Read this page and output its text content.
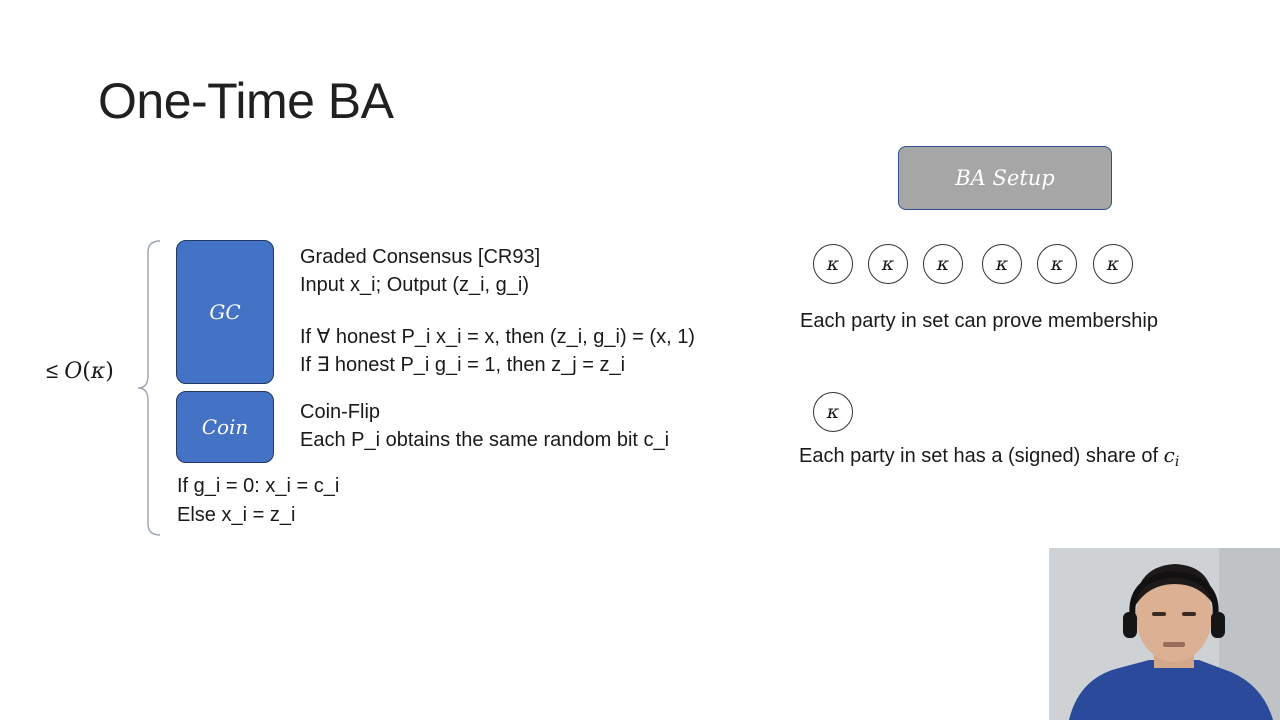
One-Time BA
≤ O(κ)
GC
Coin
Graded Consensus [CR93]
Input x_i; Output (z_i, g_i)
If ∀ honest P_i x_i = x, then (z_i, g_i) = (x, 1)
If ∃ honest P_i g_i = 1, then z_j = z_i
Coin-Flip
Each P_i obtains the same random bit c_i
If g_i = 0: x_i = c_i
Else x_i = z_i
BA Setup
κ κ κ κ κ κ
Each party in set can prove membership
κ
Each party in set has a (signed) share of $c_i$
